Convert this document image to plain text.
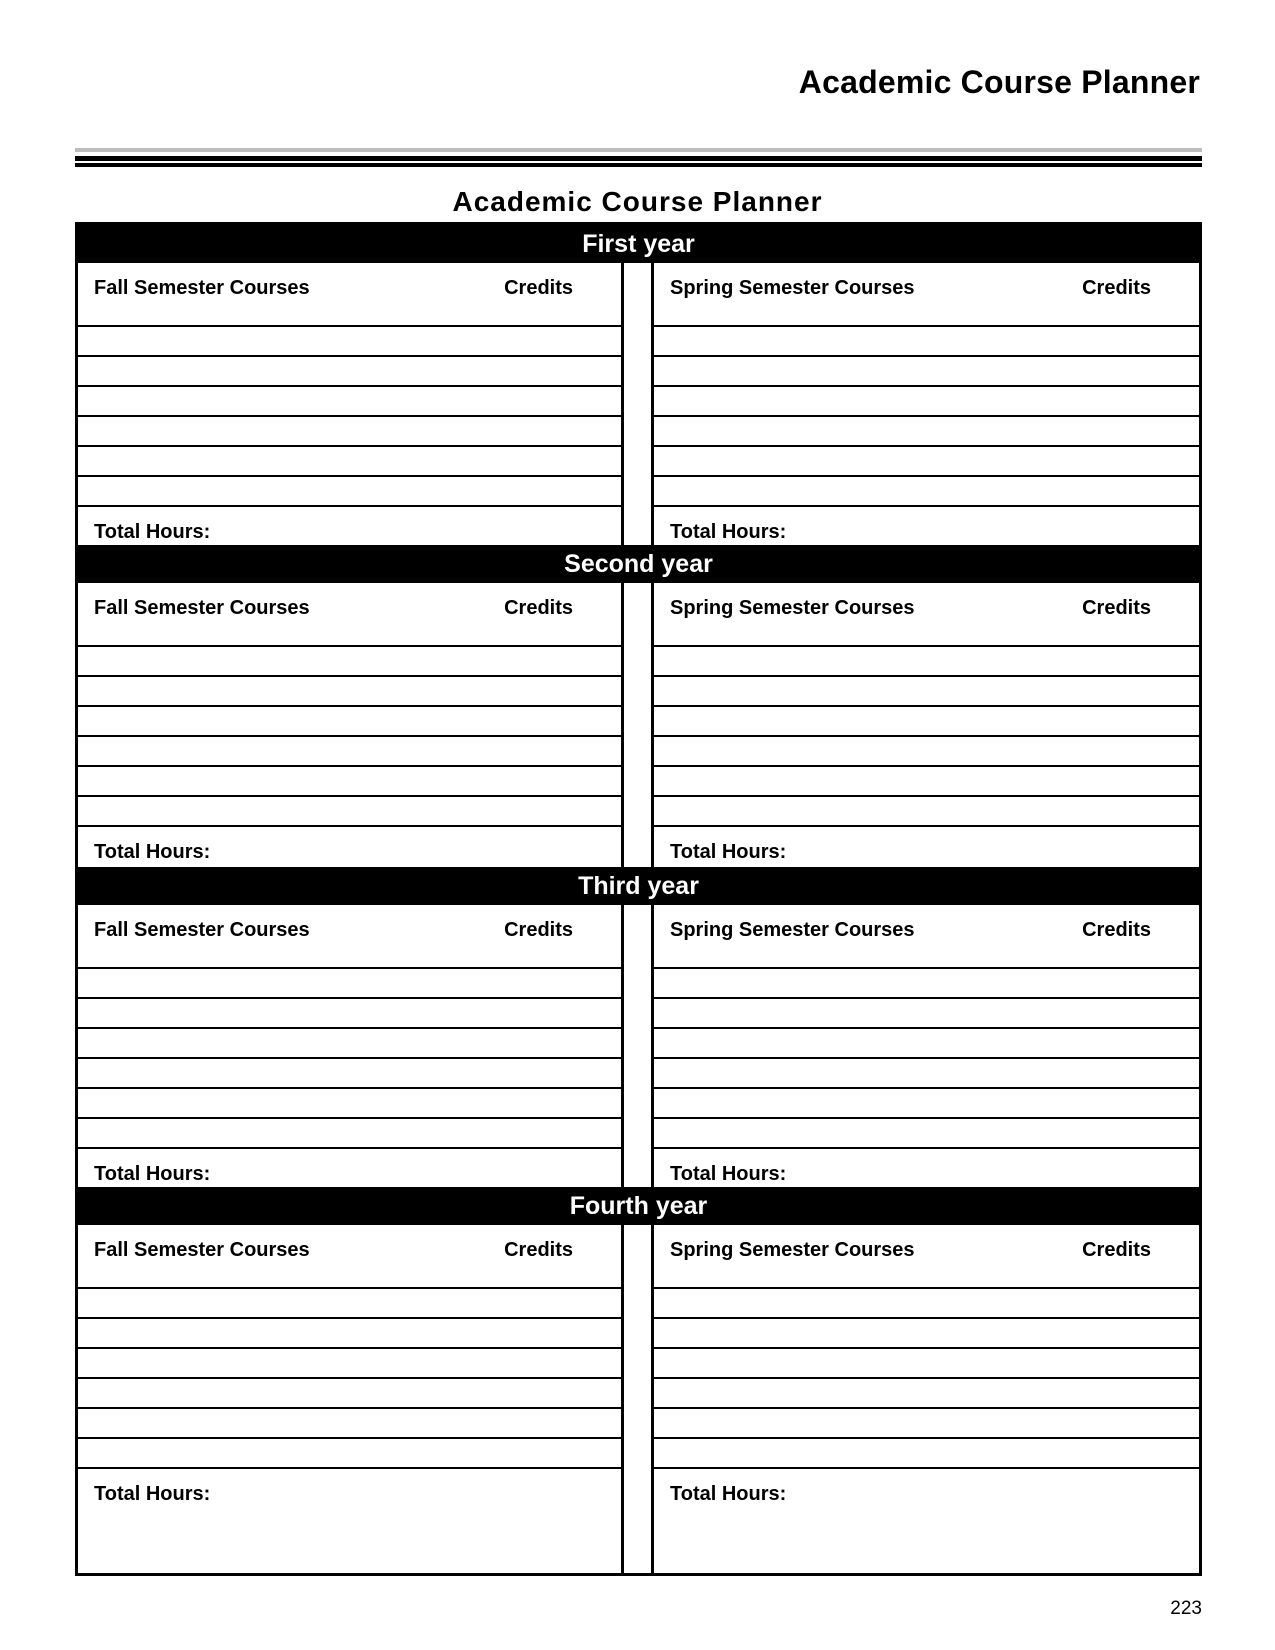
Academic Course Planner
Academic Course Planner
First year
Fall Semester Courses	Credits
Total Hours:
Spring Semester Courses	Credits
Total Hours:
Second year
Fall Semester Courses	Credits
Total Hours:
Spring Semester Courses	Credits
Total Hours:
Third year
Fall Semester Courses	Credits
Total Hours:
Spring Semester Courses	Credits
Total Hours:
Fourth year
Fall Semester Courses	Credits
Total Hours:
Spring Semester Courses	Credits
Total Hours:
223
